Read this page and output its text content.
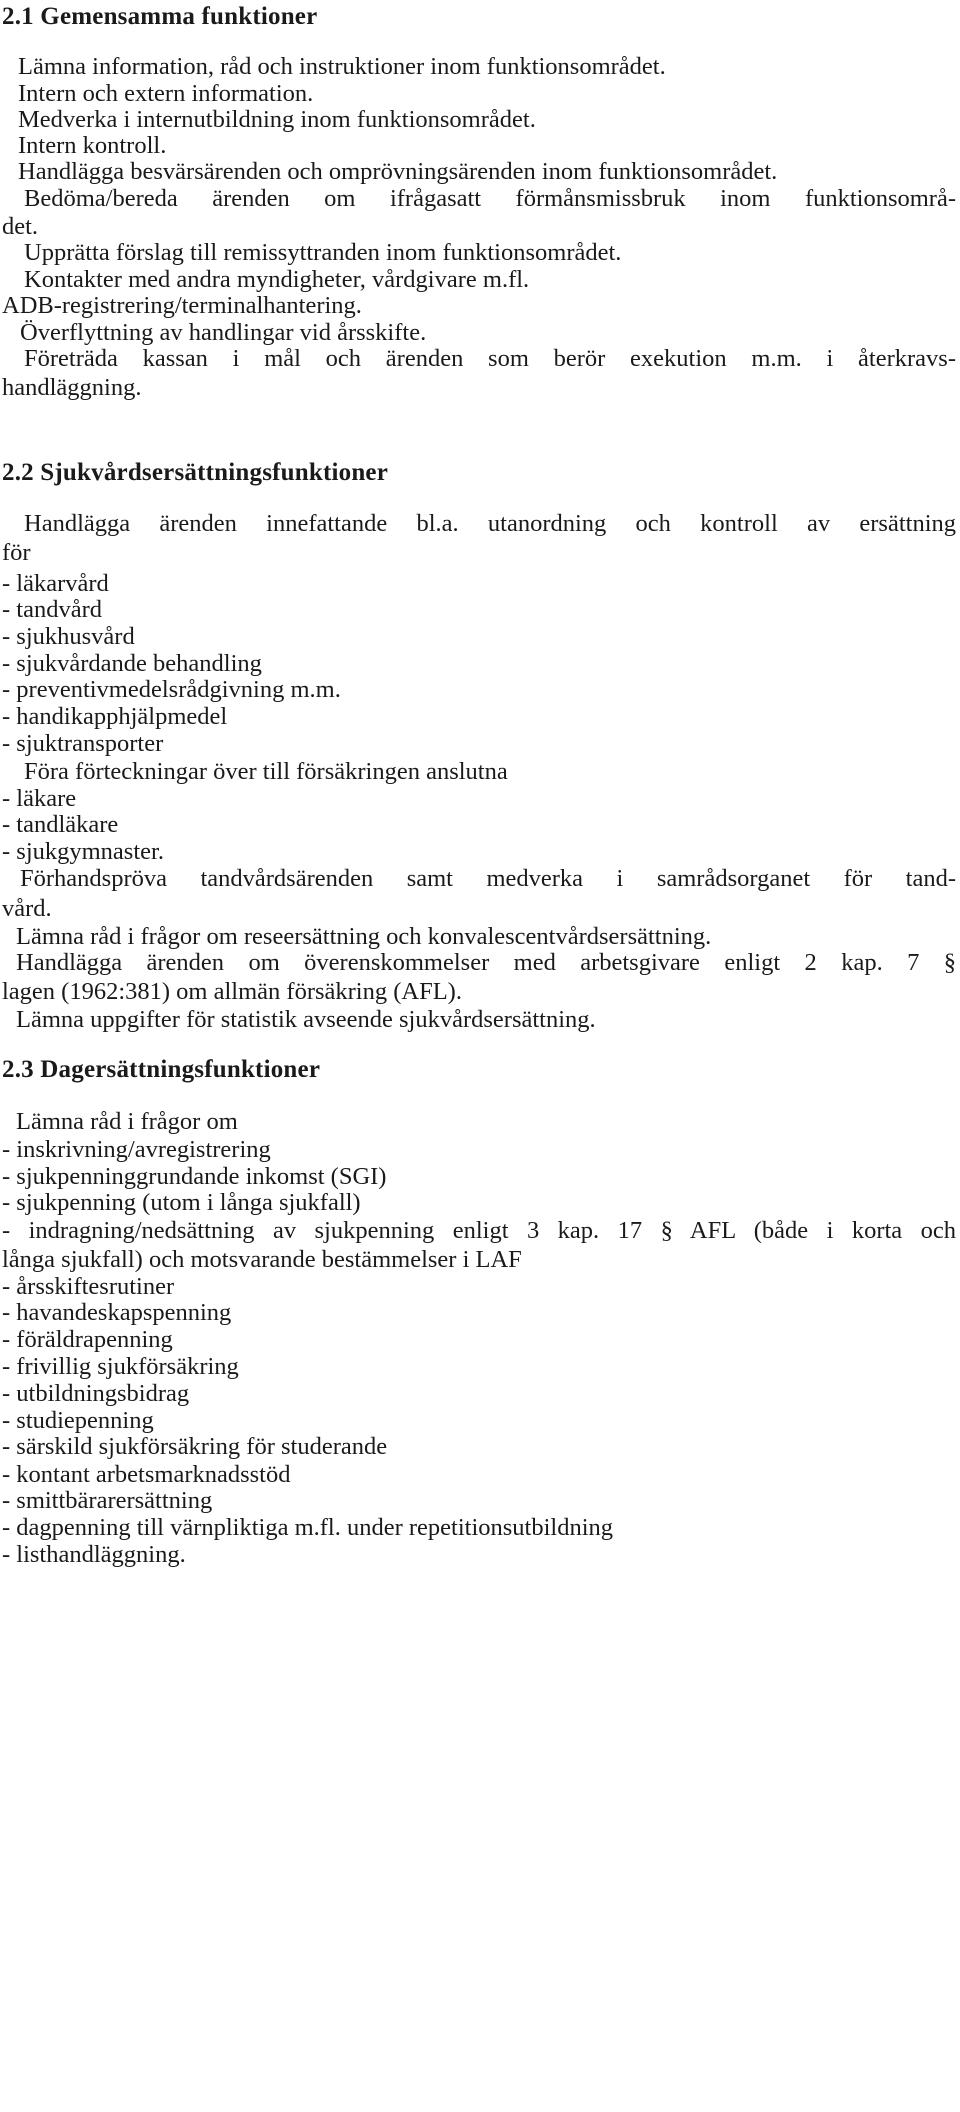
2.1 Gemensamma funktioner
Lämna information, råd och instruktioner inom funktionsområdet.
Intern och extern information.
Medverka i internutbildning inom funktionsområdet.
Intern kontroll.
Handlägga besvärsärenden och omprövningsärenden inom funktionsområdet.
Bedöma/bereda ärenden om ifrågasatt förmånsmissbruk inom funktionsområ-
det.
Upprätta förslag till remissyttranden inom funktionsområdet.
Kontakter med andra myndigheter, vårdgivare m.fl.
ADB-registrering/terminalhantering.
Överflyttning av handlingar vid årsskifte.
Företräda kassan i mål och ärenden som berör exekution m.m. i återkravs-
handläggning.
2.2 Sjukvårdsersättningsfunktioner
Handlägga ärenden innefattande bl.a. utanordning och kontroll av ersättning
för
- läkarvård
- tandvård
- sjukhusvård
- sjukvårdande behandling
- preventivmedelsrådgivning m.m.
- handikapphjälpmedel
- sjuktransporter
Föra förteckningar över till försäkringen anslutna
- läkare
- tandläkare
- sjukgymnaster.
Förhandspröva tandvårdsärenden samt medverka i samrådsorganet för tand-
vård.
Lämna råd i frågor om reseersättning och konvalescentvårdsersättning.
Handlägga ärenden om överenskommelser med arbetsgivare enligt 2 kap. 7 §
lagen (1962:381) om allmän försäkring (AFL).
Lämna uppgifter för statistik avseende sjukvårdsersättning.
2.3 Dagersättningsfunktioner
Lämna råd i frågor om
- inskrivning/avregistrering
- sjukpenninggrundande inkomst (SGI)
- sjukpenning (utom i långa sjukfall)
- indragning/nedsättning av sjukpenning enligt 3 kap. 17 § AFL (både i korta och
långa sjukfall) och motsvarande bestämmelser i LAF
- årsskiftesrutiner
- havandeskapspenning
- föräldrapenning
- frivillig sjukförsäkring
- utbildningsbidrag
- studiepenning
- särskild sjukförsäkring för studerande
- kontant arbetsmarknadsstöd
- smittbärarersättning
- dagpenning till värnpliktiga m.fl. under repetitionsutbildning
- listhandläggning.
